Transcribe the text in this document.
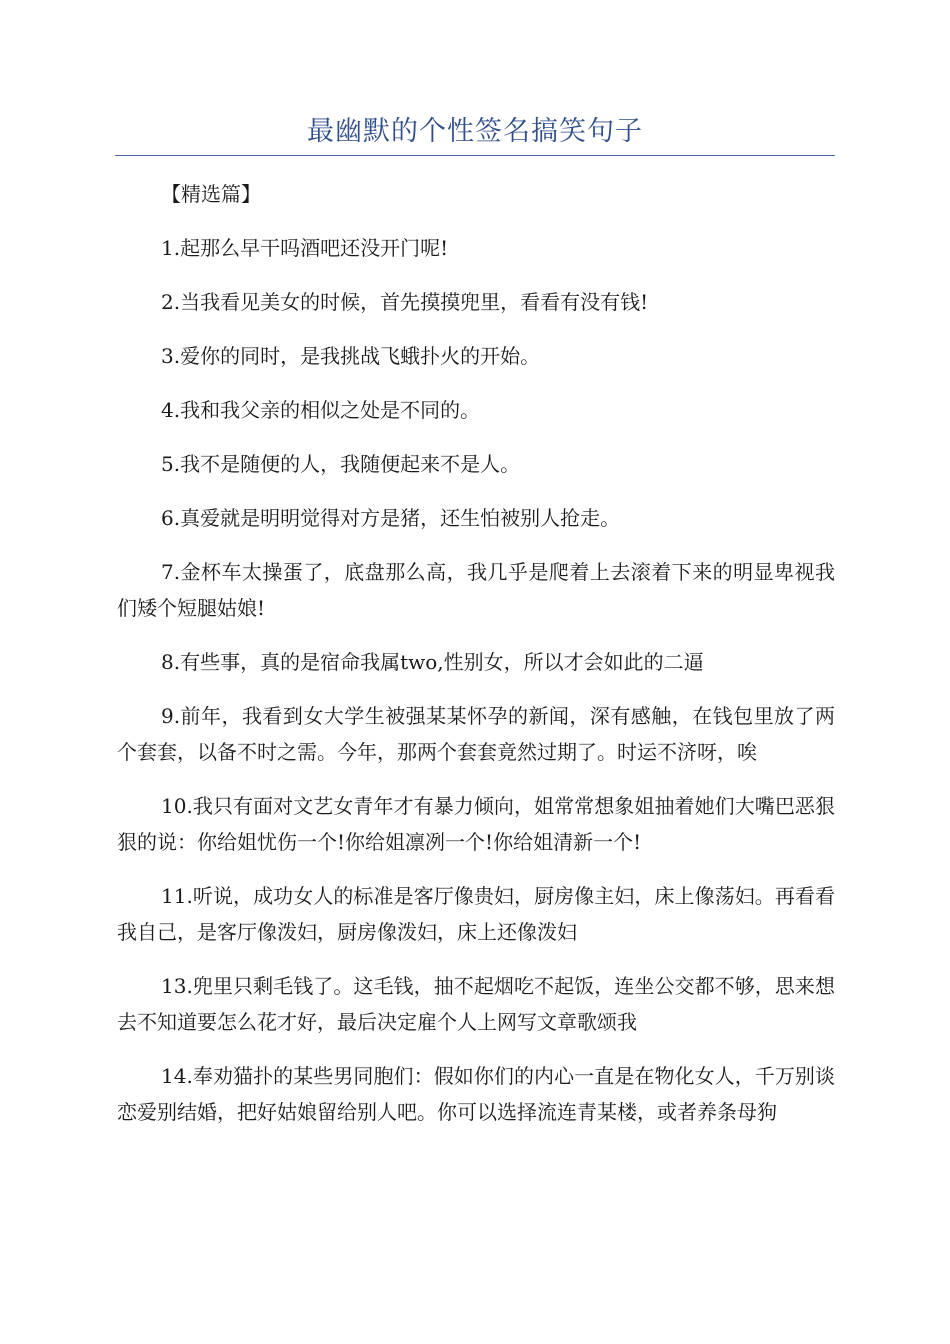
最幽默的个性签名搞笑句子

【精选篇】

1.起那么早干吗酒吧还没开门呢!

2.当我看见美女的时候，首先摸摸兜里，看看有没有钱!

3.爱你的同时，是我挑战飞蛾扑火的开始。

4.我和我父亲的相似之处是不同的。

5.我不是随便的人，我随便起来不是人。

6.真爱就是明明觉得对方是猪，还生怕被别人抢走。

7.金杯车太操蛋了，底盘那么高，我几乎是爬着上去滚着下来的明显卑视我们矮个短腿姑娘!

8.有些事，真的是宿命我属two,性别女，所以才会如此的二逼

9.前年，我看到女大学生被强某某怀孕的新闻，深有感触，在钱包里放了两个套套，以备不时之需。今年，那两个套套竟然过期了。时运不济呀，唉

10.我只有面对文艺女青年才有暴力倾向，姐常常想象姐抽着她们大嘴巴恶狠狠的说：你给姐忧伤一个!你给姐凛冽一个!你给姐清新一个!

11.听说，成功女人的标准是客厅像贵妇，厨房像主妇，床上像荡妇。再看看我自己，是客厅像泼妇，厨房像泼妇，床上还像泼妇

13.兜里只剩毛钱了。这毛钱，抽不起烟吃不起饭，连坐公交都不够，思来想去不知道要怎么花才好，最后决定雇个人上网写文章歌颂我

14.奉劝猫扑的某些男同胞们：假如你们的内心一直是在物化女人，千万别谈恋爱别结婚，把好姑娘留给别人吧。你可以选择流连青某楼，或者养条母狗
